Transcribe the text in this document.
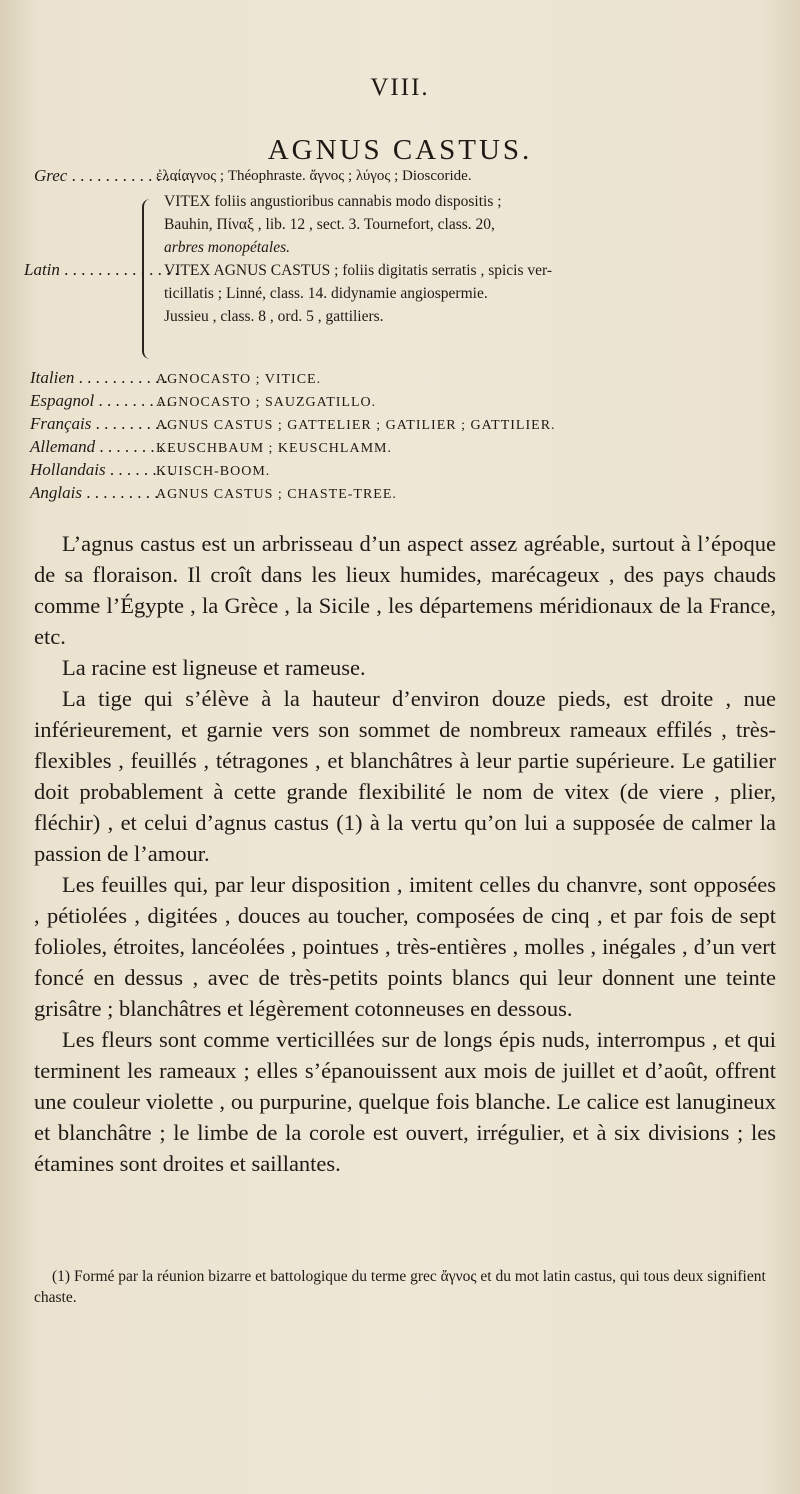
VIII.
AGNUS CASTUS.
Grec . . . . . . . . . . . . . .
ἐλαίαγνος ; Théophraste. ἄγνος ; λύγος ; Dioscoride.
Latin . . . . . . . . . . . . . .
VITEX foliis angustioribus cannabis modo dispositis ;
Bauhin, Πίναξ , lib. 12 , sect. 3. Tournefort, class. 20,
arbres monopétales.
VITEX AGNUS CASTUS ; foliis digitatis serratis , spicis ver-
ticillatis ; Linné, class. 14. didynamie angiospermie.
Jussieu , class. 8 , ord. 5 , gattiliers.
Italien . . . . . . . . . . .
AGNOCASTO ; VITICE.
Espagnol . . . . . . . . .
AGNOCASTO ; SAUZGATILLO.
Français . . . . . . . . .
AGNUS CASTUS ; GATTELIER ; GATILIER ; GATTILIER.
Allemand . . . . . . . . .
KEUSCHBAUM ; KEUSCHLAMM.
Hollandais . . . . . . . .
KUISCH-BOOM.
Anglais . . . . . . . . .
AGNUS CASTUS ; CHASTE-TREE.

L’agnus castus est un arbrisseau d’un aspect assez agréable, surtout à l’époque de sa floraison. Il croît dans les lieux humides, marécageux , des pays chauds comme l’Égypte , la Grèce , la Sicile , les départemens méridionaux de la France, etc.

La racine est ligneuse et rameuse.

La tige qui s’élève à la hauteur d’environ douze pieds, est droite , nue inférieurement, et garnie vers son sommet de nombreux rameaux effilés , très-flexibles , feuillés , tétragones , et blanchâtres à leur partie supérieure. Le gatilier doit probablement à cette grande flexibilité le nom de vitex (de viere , plier, fléchir) , et celui d’agnus castus (1) à la vertu qu’on lui a supposée de calmer la passion de l’amour.

Les feuilles qui, par leur disposition , imitent celles du chanvre, sont opposées , pétiolées , digitées , douces au toucher, composées de cinq , et par fois de sept folioles, étroites, lancéolées , pointues , très-entières , molles , inégales , d’un vert foncé en dessus , avec de très-petits points blancs qui leur donnent une teinte grisâtre ; blanchâtres et légèrement cotonneuses en dessous.

Les fleurs sont comme verticillées sur de longs épis nuds, interrompus , et qui terminent les rameaux ; elles s’épanouissent aux mois de juillet et d’août, offrent une couleur violette , ou purpurine, quelque fois blanche. Le calice est lanugineux et blanchâtre ; le limbe de la corole est ouvert, irrégulier, et à six divisions ; les étamines sont droites et saillantes.

(1) Formé par la réunion bizarre et battologique du terme grec ἄγνος et du mot latin castus, qui tous deux signifient chaste.
